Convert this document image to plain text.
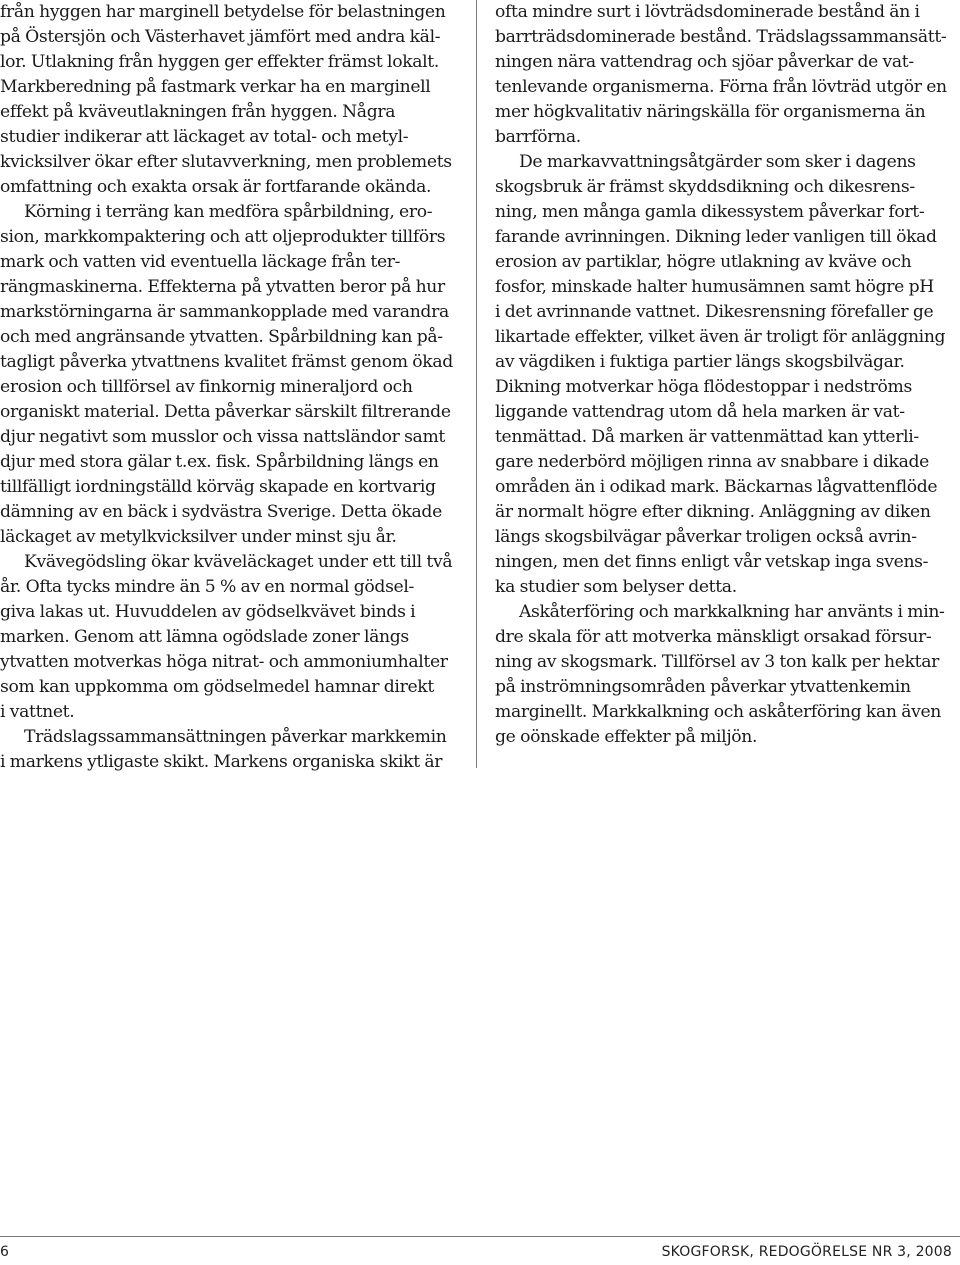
från hyggen har marginell betydelse för belastningen
på Östersjön och Västerhavet jämfört med andra käl-
lor. Utlakning från hyggen ger effekter främst lokalt.
Markberedning på fastmark verkar ha en marginell
effekt på kväveutlakningen från hyggen. Några
studier indikerar att läckaget av total- och metyl-
kvicksilver ökar efter slutavverkning, men problemets
omfattning och exakta orsak är fortfarande okända.
Körning i terräng kan medföra spårbildning, ero-
sion, markkompaktering och att oljeprodukter tillförs
mark och vatten vid eventuella läckage från ter-
rängmaskinerna. Effekterna på ytvatten beror på hur
markstörningarna är sammankopplade med varandra
och med angränsande ytvatten. Spårbildning kan på-
tagligt påverka ytvattnens kvalitet främst genom ökad
erosion och tillförsel av finkornig mineraljord och
organiskt material. Detta påverkar särskilt filtrerande
djur negativt som musslor och vissa nattsländor samt
djur med stora gälar t.ex. fisk. Spårbildning längs en
tillfälligt iordningställd körväg skapade en kortvarig
dämning av en bäck i sydvästra Sverige. Detta ökade
läckaget av metylkvicksilver under minst sju år.
Kvävegödsling ökar kväveläckaget under ett till två
år. Ofta tycks mindre än 5 % av en normal gödsel-
giva lakas ut. Huvuddelen av gödselkvävet binds i
marken. Genom att lämna ogödslade zoner längs
ytvatten motverkas höga nitrat- och ammoniumhalter
som kan uppkomma om gödselmedel hamnar direkt
i vattnet.
Trädslagssammansättningen påverkar markkemin
i markens ytligaste skikt. Markens organiska skikt är
ofta mindre surt i lövträdsdominerade bestånd än i
barrträdsdominerade bestånd. Trädslagssammansätt-
ningen nära vattendrag och sjöar påverkar de vat-
tenlevande organismerna. Förna från lövträd utgör en
mer högkvalitativ näringskälla för organismerna än
barrförna.
De markavvattningsåtgärder som sker i dagens
skogsbruk är främst skyddsdikning och dikesrens-
ning, men många gamla dikessystem påverkar fort-
farande avrinningen. Dikning leder vanligen till ökad
erosion av partiklar, högre utlakning av kväve och
fosfor, minskade halter humusämnen samt högre pH
i det avrinnande vattnet. Dikesrensning förefaller ge
likartade effekter, vilket även är troligt för anläggning
av vägdiken i fuktiga partier längs skogsbilvägar.
Dikning motverkar höga flödestoppar i nedströms
liggande vattendrag utom då hela marken är vat-
tenmättad. Då marken är vattenmättad kan ytterli-
gare nederbörd möjligen rinna av snabbare i dikade
områden än i odikad mark. Bäckarnas lågvattenflöde
är normalt högre efter dikning. Anläggning av diken
längs skogsbilvägar påverkar troligen också avrin-
ningen, men det finns enligt vår vetskap inga svens-
ka studier som belyser detta.
Askåterföring och markkalkning har använts i min-
dre skala för att motverka mänskligt orsakad försur-
ning av skogsmark. Tillförsel av 3 ton kalk per hektar
på inströmningsområden påverkar ytvattenkemin
marginellt. Markkalkning och askåterföring kan även
ge oönskade effekter på miljön.
6	SKOGFORSK, REDOGÖRELSE NR 3, 2008
